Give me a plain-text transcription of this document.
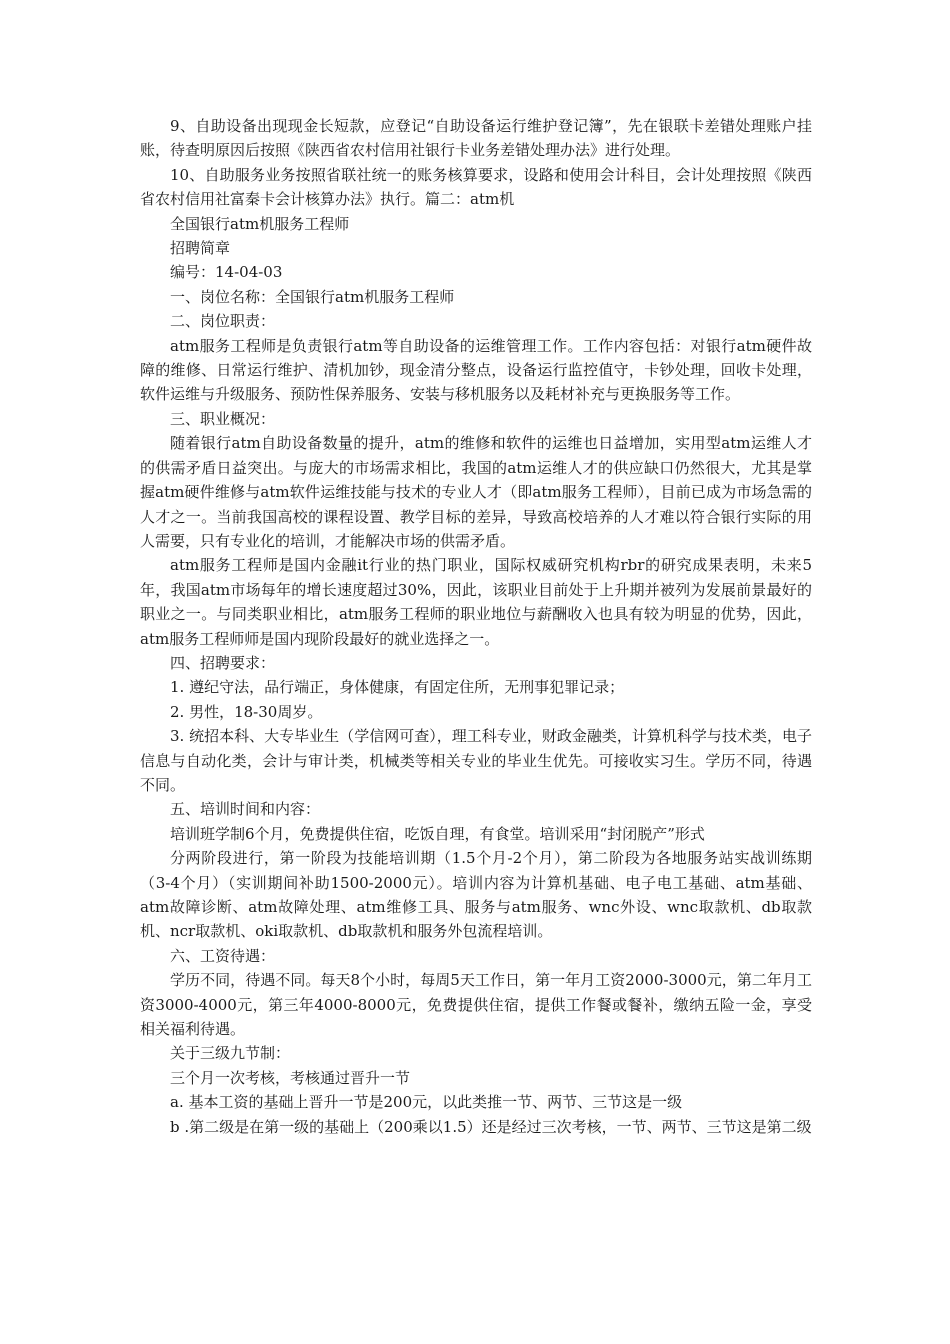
9、自助设备出现现金长短款，应登记“自助设备运行维护登记簿”，先在银联卡差错处理账户挂账，待查明原因后按照《陕西省农村信用社银行卡业务差错处理办法》进行处理。

10、自助服务业务按照省联社统一的账务核算要求，设路和使用会计科目，会计处理按照《陕西省农村信用社富秦卡会计核算办法》执行。篇二：atm机

全国银行atm机服务工程师

招聘简章

编号：14-04-03

一、岗位名称：全国银行atm机服务工程师

二、岗位职责：

atm服务工程师是负责银行atm等自助设备的运维管理工作。工作内容包括：对银行atm硬件故障的维修、日常运行维护、清机加钞，现金清分整点，设备运行监控值守，卡钞处理，回收卡处理，软件运维与升级服务、预防性保养服务、安装与移机服务以及耗材补充与更换服务等工作。

三、职业概况：

随着银行atm自助设备数量的提升，atm的维修和软件的运维也日益增加，实用型atm运维人才的供需矛盾日益突出。与庞大的市场需求相比，我国的atm运维人才的供应缺口仍然很大，尤其是掌握atm硬件维修与atm软件运维技能与技术的专业人才（即atm服务工程师），目前已成为市场急需的人才之一。当前我国高校的课程设置、教学目标的差异，导致高校培养的人才难以符合银行实际的用人需要，只有专业化的培训，才能解决市场的供需矛盾。

atm服务工程师是国内金融it行业的热门职业，国际权威研究机构rbr的研究成果表明，未来5年，我国atm市场每年的增长速度超过30%，因此，该职业目前处于上升期并被列为发展前景最好的职业之一。与同类职业相比，atm服务工程师的职业地位与薪酬收入也具有较为明显的优势，因此，atm服务工程师师是国内现阶段最好的就业选择之一。

四、招聘要求：

1. 遵纪守法，品行端正，身体健康，有固定住所，无刑事犯罪记录；

2. 男性，18-30周岁。

3. 统招本科、大专毕业生（学信网可查），理工科专业，财政金融类，计算机科学与技术类，电子信息与自动化类，会计与审计类，机械类等相关专业的毕业生优先。可接收实习生。学历不同，待遇不同。

五、培训时间和内容：

培训班学制6个月，免费提供住宿，吃饭自理，有食堂。培训采用“封闭脱产”形式

分两阶段进行，第一阶段为技能培训期（1.5个月-2个月），第二阶段为各地服务站实战训练期（3-4个月）（实训期间补助1500-2000元）。培训内容为计算机基础、电子电工基础、atm基础、atm故障诊断、atm故障处理、atm维修工具、服务与atm服务、wnc外设、wnc取款机、db取款机、ncr取款机、oki取款机、db取款机和服务外包流程培训。

六、工资待遇：

学历不同，待遇不同。每天8个小时，每周5天工作日，第一年月工资2000-3000元，第二年月工资3000-4000元，第三年4000-8000元，免费提供住宿，提供工作餐或餐补，缴纳五险一金，享受相关福利待遇。

关于三级九节制：

三个月一次考核，考核通过晋升一节

a. 基本工资的基础上晋升一节是200元，以此类推一节、两节、三节这是一级

b .第二级是在第一级的基础上（200乘以1.5）还是经过三次考核，一节、两节、三节这是第二级
